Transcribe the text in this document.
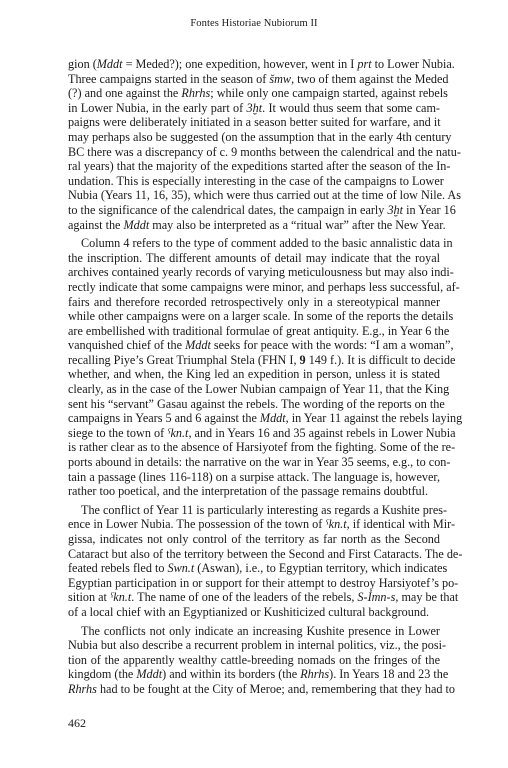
Fontes Historiae Nubiorum II
gion (Mddt = Meded?); one expedition, however, went in I prt to Lower Nubia.
Three campaigns started in the season of šmw, two of them against the Meded
(?) and one against the Rhrhs; while only one campaign started, against rebels
in Lower Nubia, in the early part of 3ḫt. It would thus seem that some cam-
paigns were deliberately initiated in a season better suited for warfare, and it
may perhaps also be suggested (on the assumption that in the early 4th century
BC there was a discrepancy of c. 9 months between the calendrical and the natu-
ral years) that the majority of the expeditions started after the season of the In-
undation. This is especially interesting in the case of the campaigns to Lower
Nubia (Years 11, 16, 35), which were thus carried out at the time of low Nile. As
to the significance of the calendrical dates, the campaign in early 3ḫt in Year 16
against the Mddt may also be interpreted as a “ritual war” after the New Year.
Column 4 refers to the type of comment added to the basic annalistic data in
the inscription. The different amounts of detail may indicate that the royal
archives contained yearly records of varying meticulousness but may also indi-
rectly indicate that some campaigns were minor, and perhaps less successful, af-
fairs and therefore recorded retrospectively only in a stereotypical manner
while other campaigns were on a larger scale. In some of the reports the details
are embellished with traditional formulae of great antiquity. E.g., in Year 6 the
vanquished chief of the Mddt seeks for peace with the words: “I am a woman”,
recalling Piye’s Great Triumphal Stela (FHN I, 9 149 f.). It is difficult to decide
whether, and when, the King led an expedition in person, unless it is stated
clearly, as in the case of the Lower Nubian campaign of Year 11, that the King
sent his “servant” Gasau against the rebels. The wording of the reports on the
campaigns in Years 5 and 6 against the Mddt, in Year 11 against the rebels laying
siege to the town of ˁkn.t, and in Years 16 and 35 against rebels in Lower Nubia
is rather clear as to the absence of Harsiyotef from the fighting. Some of the re-
ports abound in details: the narrative on the war in Year 35 seems, e.g., to con-
tain a passage (lines 116-118) on a surpise attack. The language is, however,
rather too poetical, and the interpretation of the passage remains doubtful.
The conflict of Year 11 is particularly interesting as regards a Kushite pres-
ence in Lower Nubia. The possession of the town of ˁkn.t, if identical with Mir-
gissa, indicates not only control of the territory as far north as the Second
Cataract but also of the territory between the Second and First Cataracts. The de-
feated rebels fled to Swn.t (Aswan), i.e., to Egyptian territory, which indicates
Egyptian participation in or support for their attempt to destroy Harsiyotef’s po-
sition at ˁkn.t. The name of one of the leaders of the rebels, S-Ỉmn-s, may be that
of a local chief with an Egyptianized or Kushiticized cultural background.
The conflicts not only indicate an increasing Kushite presence in Lower
Nubia but also describe a recurrent problem in internal politics, viz., the posi-
tion of the apparently wealthy cattle-breeding nomads on the fringes of the
kingdom (the Mddt) and within its borders (the Rhrhs). In Years 18 and 23 the
Rhrhs had to be fought at the City of Meroe; and, remembering that they had to
462
